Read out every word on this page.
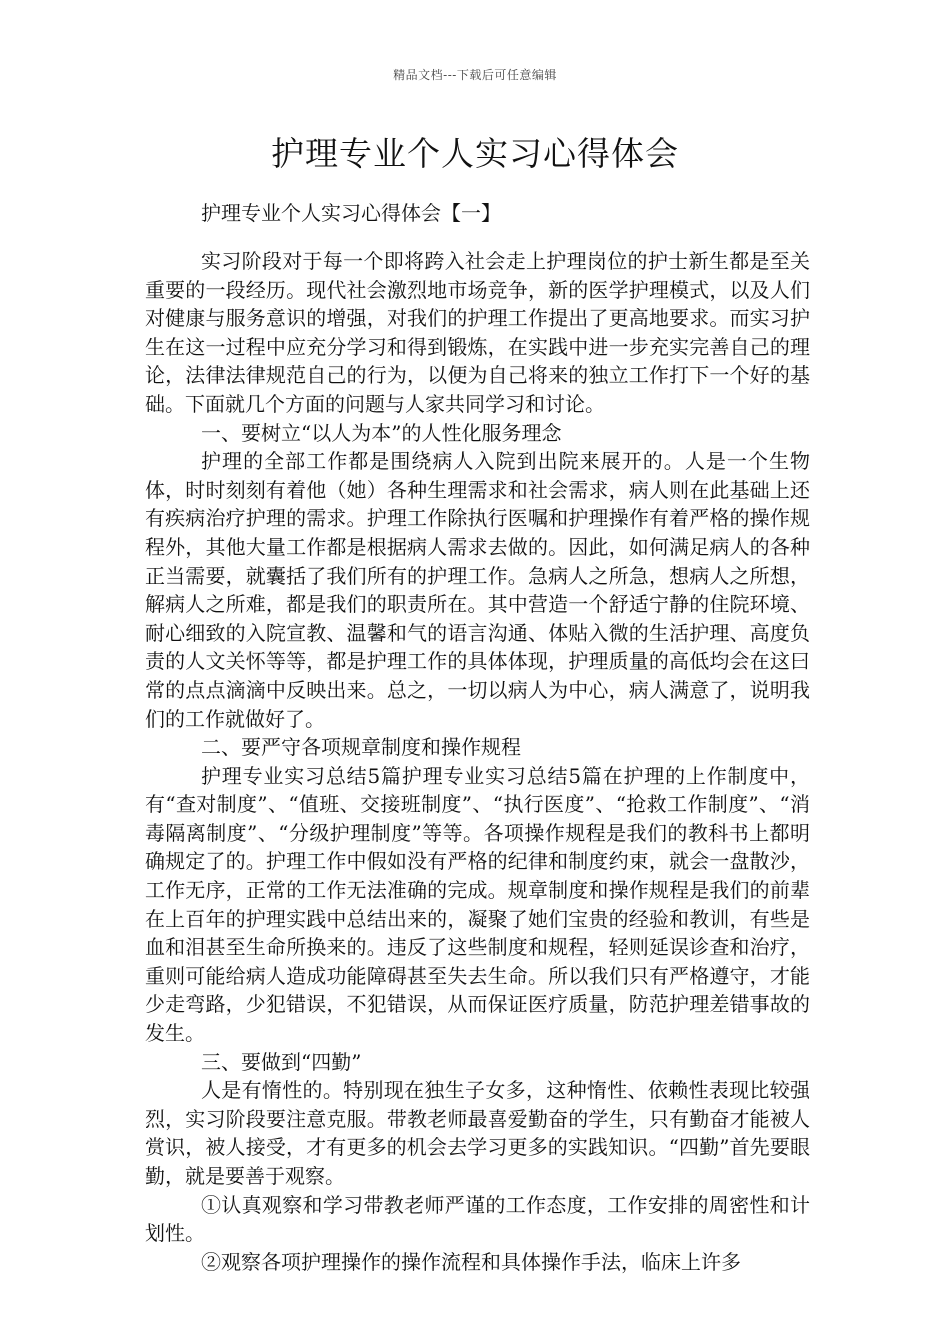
精品文档---下载后可任意编辑
护理专业个人实习心得体会
护理专业个人实习心得体会【一】

实习阶段对于每一个即将跨入社会走上护理岗位的护士新生都是至关重要的一段经历。现代社会激烈地市场竞争，新的医学护理模式，以及人们对健康与服务意识的增强，对我们的护理工作提出了更高地要求。而实习护生在这一过程中应充分学习和得到锻炼，在实践中进一步充实完善自己的理论，法律法律规范自己的行为，以便为自己将来的独立工作打下一个好的基础。下面就几个方面的问题与人家共同学习和讨论。

一、要树立“以人为本”的人性化服务理念

护理的全部工作都是围绕病人入院到出院来展开的。人是一个生物体，时时刻刻有着他（她）各种生理需求和社会需求，病人则在此基础上还有疾病治疗护理的需求。护理工作除执行医嘱和护理操作有着严格的操作规程外，其他大量工作都是根据病人需求去做的。因此，如何满足病人的各种正当需要，就囊括了我们所有的护理工作。急病人之所急，想病人之所想，解病人之所难，都是我们的职责所在。其中营造一个舒适宁静的住院环境、耐心细致的入院宣教、温馨和气的语言沟通、体贴入微的生活护理、高度负责的人文关怀等等，都是护理工作的具体体现，护理质量的高低均会在这曰常的点点滴滴中反映出来。总之，一切以病人为中心，病人满意了，说明我们的工作就做好了。

二、要严守各项规章制度和操作规程

护理专业实习总结5篇护理专业实习总结5篇在护理的上作制度中，有“查对制度”、“值班、交接班制度”、“执行医度”、“抢救工作制度”、“消毒隔离制度”、“分级护理制度”等等。各项操作规程是我们的教科书上都明确规定了的。护理工作中假如没有严格的纪律和制度约束，就会一盘散沙，工作无序，正常的工作无法准确的完成。规章制度和操作规程是我们的前辈在上百年的护理实践中总结出来的，凝聚了她们宝贵的经验和教训，有些是血和泪甚至生命所换来的。违反了这些制度和规程，轻则延误诊查和治疗，重则可能给病人造成功能障碍甚至失去生命。所以我们只有严格遵守，才能少走弯路，少犯错误，不犯错误，从而保证医疗质量，防范护理差错事故的发生。

三、要做到“四勤”

人是有惰性的。特别现在独生子女多，这种惰性、依赖性表现比较强烈，实习阶段要注意克服。带教老师最喜爱勤奋的学生，只有勤奋才能被人赏识，被人接受，才有更多的机会去学习更多的实践知识。“四勤”首先要眼勤，就是要善于观察。

①认真观察和学习带教老师严谨的工作态度，工作安排的周密性和计划性。

②观察各项护理操作的操作流程和具体操作手法，临床上许多
